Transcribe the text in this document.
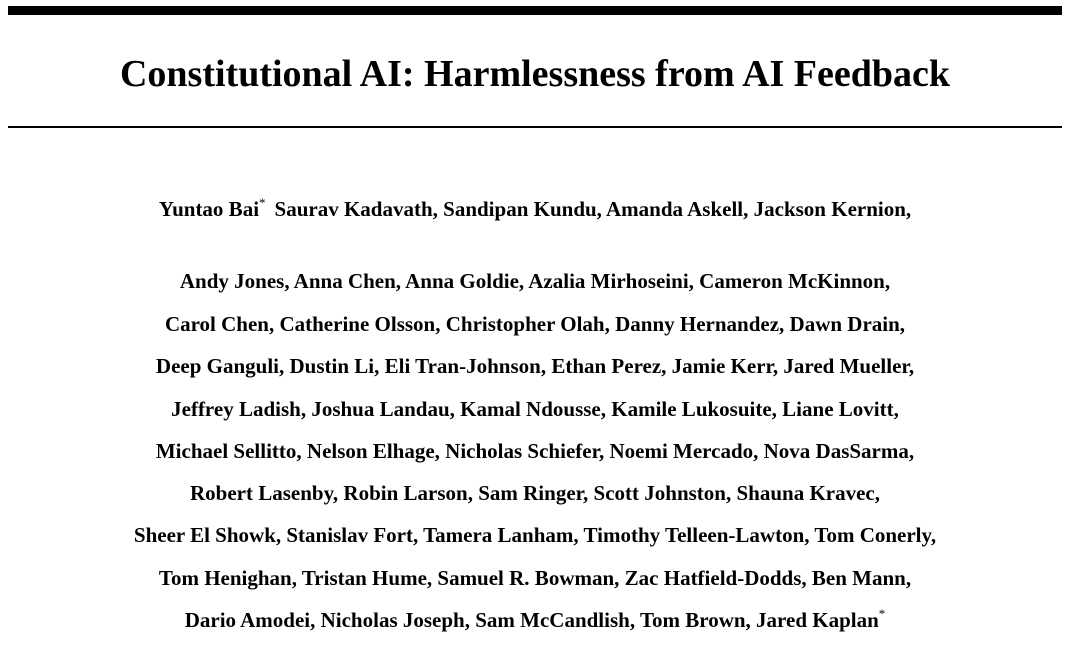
Constitutional AI: Harmlessness from AI Feedback
Yuntao Bai* Saurav Kadavath, Sandipan Kundu, Amanda Askell, Jackson Kernion,
Andy Jones, Anna Chen, Anna Goldie, Azalia Mirhoseini, Cameron McKinnon,
Carol Chen, Catherine Olsson, Christopher Olah, Danny Hernandez, Dawn Drain,
Deep Ganguli, Dustin Li, Eli Tran-Johnson, Ethan Perez, Jamie Kerr, Jared Mueller,
Jeffrey Ladish, Joshua Landau, Kamal Ndousse, Kamile Lukosuite, Liane Lovitt,
Michael Sellitto, Nelson Elhage, Nicholas Schiefer, Noemi Mercado, Nova DasSarma,
Robert Lasenby, Robin Larson, Sam Ringer, Scott Johnston, Shauna Kravec,
Sheer El Showk, Stanislav Fort, Tamera Lanham, Timothy Telleen-Lawton, Tom Conerly,
Tom Henighan, Tristan Hume, Samuel R. Bowman, Zac Hatfield-Dodds, Ben Mann,
Dario Amodei, Nicholas Joseph, Sam McCandlish, Tom Brown, Jared Kaplan*
